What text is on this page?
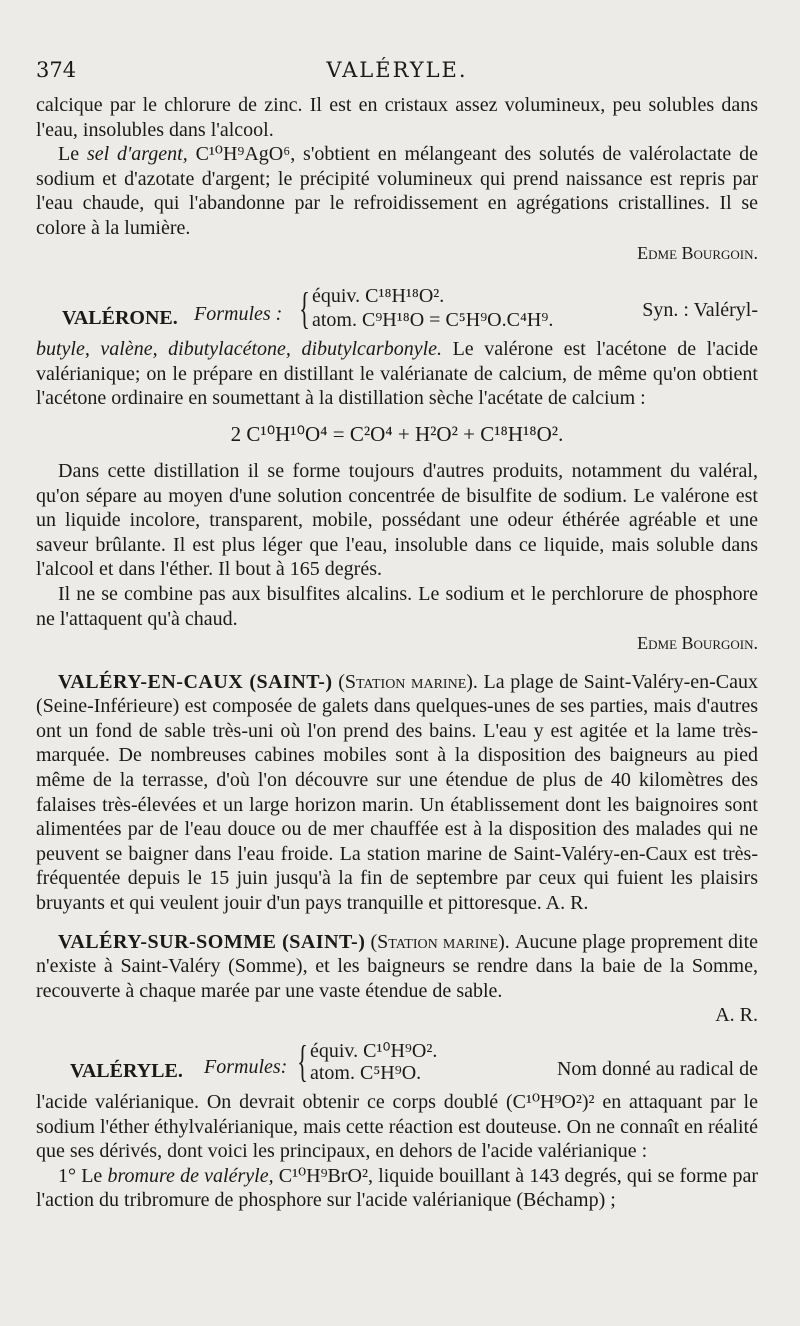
374	VALÉRYLE.

calcique par le chlorure de zinc. Il est en cristaux assez volumineux, peu solubles dans l'eau, insolubles dans l'alcool.

Le sel d'argent, C¹⁰H⁹AgO⁶, s'obtient en mélangeant des solutés de valérolactate de sodium et d'azotate d'argent; le précipité volumineux qui prend naissance est repris par l'eau chaude, qui l'abandonne par le refroidissement en agrégations cristallines. Il se colore à la lumière.

Edme Bourgoin.

VALÉRONE. Formules : { équiv. C¹⁸H¹⁸O².
atom. C⁹H¹⁸O = C⁵H⁹O.C⁴H⁹.	Syn. : Valéryl-

butyle, valène, dibutylacétone, dibutylcarbonyle. Le valérone est l'acétone de l'acide valérianique; on le prépare en distillant le valérianate de calcium, de même qu'on obtient l'acétone ordinaire en soumettant à la distillation sèche l'acétate de calcium :

2 C¹⁰H¹⁰O⁴ = C²O⁴ + H²O² + C¹⁸H¹⁸O².

Dans cette distillation il se forme toujours d'autres produits, notamment du valéral, qu'on sépare au moyen d'une solution concentrée de bisulfite de sodium. Le valérone est un liquide incolore, transparent, mobile, possédant une odeur éthérée agréable et une saveur brûlante. Il est plus léger que l'eau, insoluble dans ce liquide, mais soluble dans l'alcool et dans l'éther. Il bout à 165 degrés.

Il ne se combine pas aux bisulfites alcalins. Le sodium et le perchlorure de phosphore ne l'attaquent qu'à chaud.

Edme Bourgoin.

VALÉRY-EN-CAUX (SAINT-) (Station marine). La plage de Saint-Valéry-en-Caux (Seine-Inférieure) est composée de galets dans quelques-unes de ses parties, mais d'autres ont un fond de sable très-uni où l'on prend des bains. L'eau y est agitée et la lame très-marquée. De nombreuses cabines mobiles sont à la disposition des baigneurs au pied même de la terrasse, d'où l'on découvre sur une étendue de plus de 40 kilomètres des falaises très-élevées et un large horizon marin. Un établissement dont les baignoires sont alimentées par de l'eau douce ou de mer chauffée est à la disposition des malades qui ne peuvent se baigner dans l'eau froide. La station marine de Saint-Valéry-en-Caux est très-fréquentée depuis le 15 juin jusqu'à la fin de septembre par ceux qui fuient les plaisirs bruyants et qui veulent jouir d'un pays tranquille et pittoresque. A. R.

VALÉRY-SUR-SOMME (SAINT-) (Station marine). Aucune plage proprement dite n'existe à Saint-Valéry (Somme), et les baigneurs se rendre dans la baie de la Somme, recouverte à chaque marée par une vaste étendue de sable.

A. R.

VALÉRYLE. Formules: { équiv. C¹⁰H⁹O².
atom. C⁵H⁹O.	Nom donné au radical de

l'acide valérianique. On devrait obtenir ce corps doublé (C¹⁰H⁹O²)² en attaquant par le sodium l'éther éthylvalérianique, mais cette réaction est douteuse. On ne connaît en réalité que ses dérivés, dont voici les principaux, en dehors de l'acide valérianique :

1° Le bromure de valéryle, C¹⁰H⁹BrO², liquide bouillant à 143 degrés, qui se forme par l'action du tribromure de phosphore sur l'acide valérianique (Béchamp) ;
